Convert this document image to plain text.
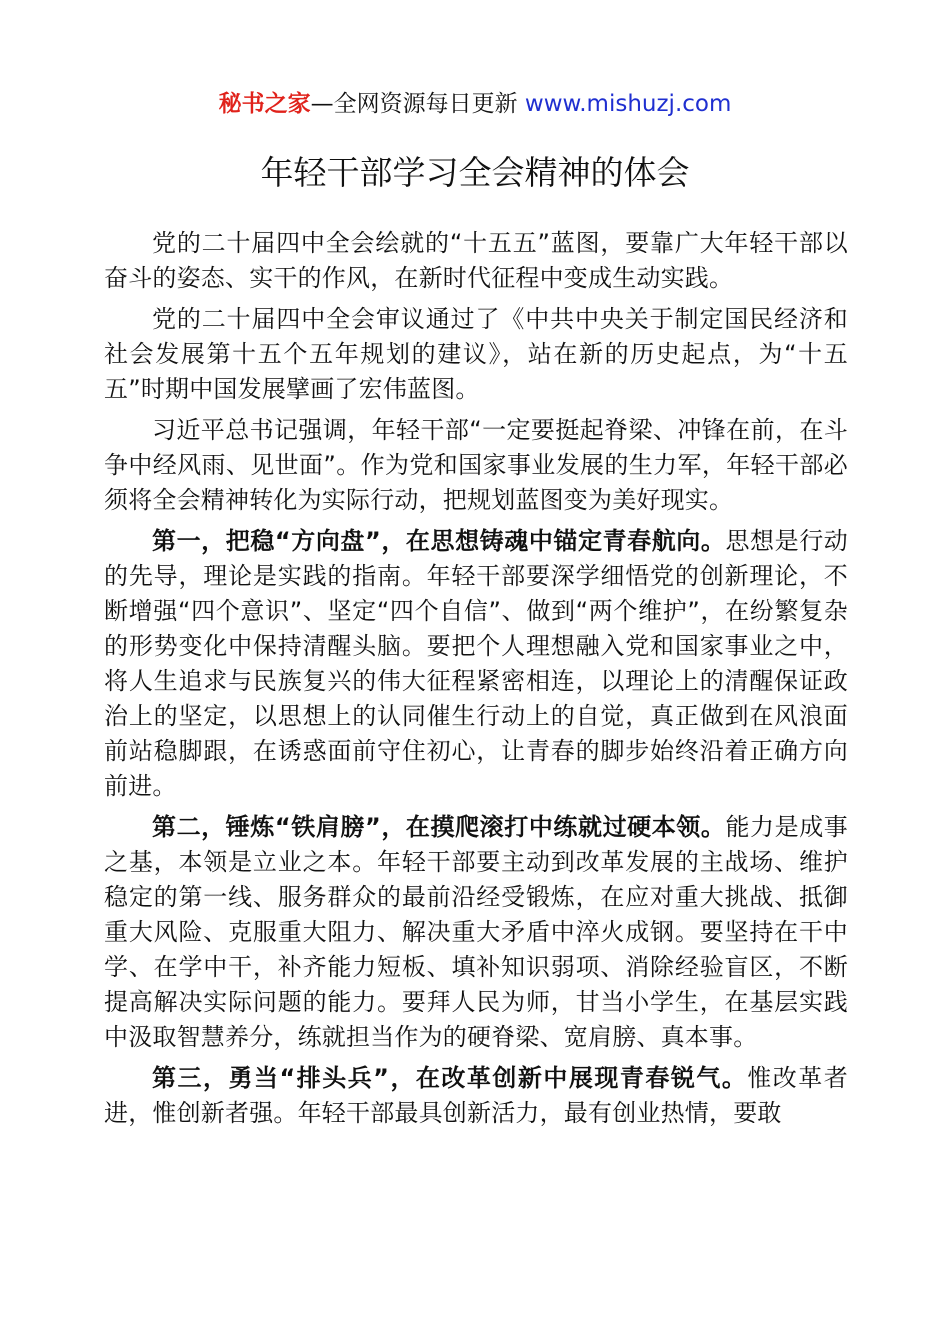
秘书之家—全网资源每日更新 www.mishuzj.com
年轻干部学习全会精神的体会

党的二十届四中全会绘就的“十五五”蓝图，要靠广大年轻干部以奋斗的姿态、实干的作风，在新时代征程中变成生动实践。

党的二十届四中全会审议通过了《中共中央关于制定国民经济和社会发展第十五个五年规划的建议》，站在新的历史起点，为“十五五”时期中国发展擘画了宏伟蓝图。

习近平总书记强调，年轻干部“一定要挺起脊梁、冲锋在前，在斗争中经风雨、见世面”。作为党和国家事业发展的生力军，年轻干部必须将全会精神转化为实际行动，把规划蓝图变为美好现实。

第一，把稳“方向盘”，在思想铸魂中锚定青春航向。思想是行动的先导，理论是实践的指南。年轻干部要深学细悟党的创新理论，不断增强“四个意识”、坚定“四个自信”、做到“两个维护”，在纷繁复杂的形势变化中保持清醒头脑。要把个人理想融入党和国家事业之中，将人生追求与民族复兴的伟大征程紧密相连，以理论上的清醒保证政治上的坚定，以思想上的认同催生行动上的自觉，真正做到在风浪面前站稳脚跟，在诱惑面前守住初心，让青春的脚步始终沿着正确方向前进。

第二，锤炼“铁肩膀”，在摸爬滚打中练就过硬本领。能力是成事之基，本领是立业之本。年轻干部要主动到改革发展的主战场、维护稳定的第一线、服务群众的最前沿经受锻炼，在应对重大挑战、抵御重大风险、克服重大阻力、解决重大矛盾中淬火成钢。要坚持在干中学、在学中干，补齐能力短板、填补知识弱项、消除经验盲区，不断提高解决实际问题的能力。要拜人民为师，甘当小学生，在基层实践中汲取智慧养分，练就担当作为的硬脊梁、宽肩膀、真本事。

第三，勇当“排头兵”，在改革创新中展现青春锐气。惟改革者进，惟创新者强。年轻干部最具创新活力，最有创业热情，要敢
